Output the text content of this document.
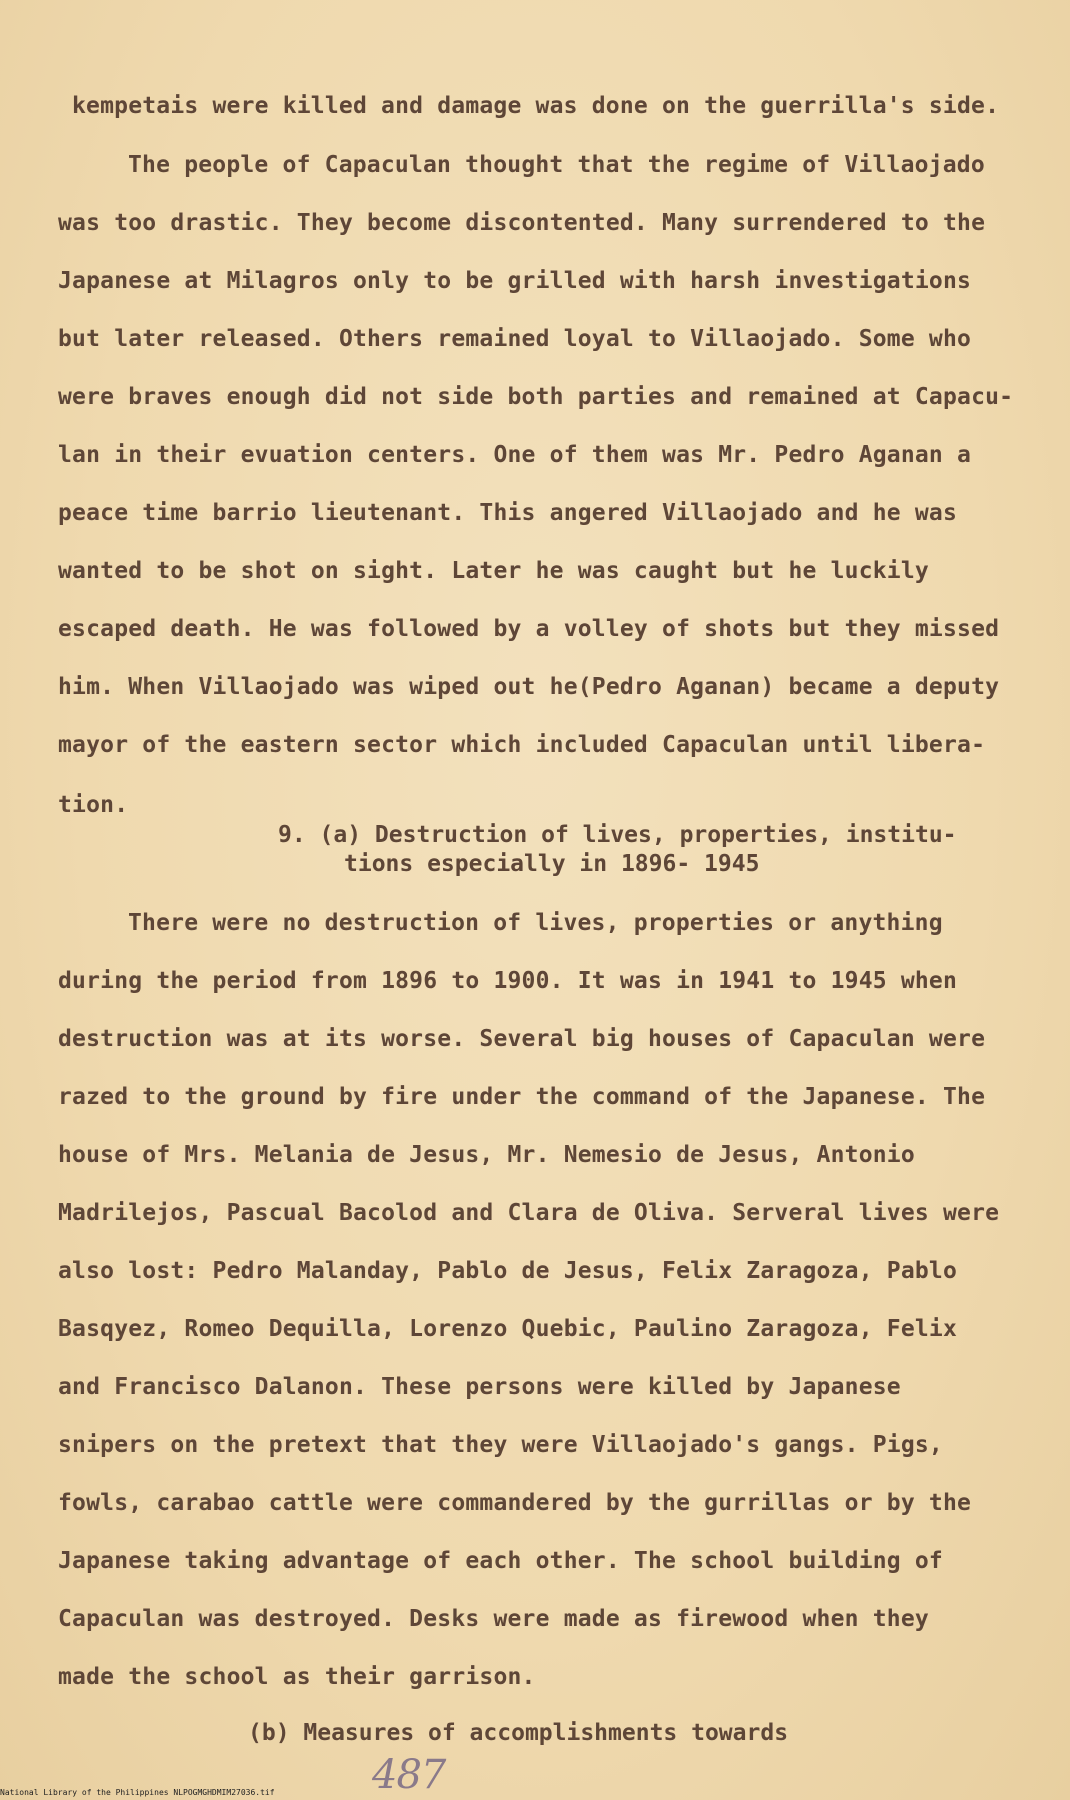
kempetais were killed and damage was done on the guerrilla's side.
The people of Capaculan thought that the regime of Villaojado
was too drastic. They become discontented. Many surrendered to the
Japanese at Milagros only to be grilled with harsh investigations
but later released. Others remained loyal to Villaojado. Some who
were braves enough did not side both parties and remained at Capacu-
lan in their evuation centers. One of them was Mr. Pedro Aganan a
peace time barrio lieutenant. This angered Villaojado and he was
wanted to be shot on sight. Later he was caught but he luckily
escaped death. He was followed by a volley of shots but they missed
him. When Villaojado was wiped out he(Pedro Aganan) became a deputy
mayor of the eastern sector which included Capaculan until libera-
tion.
9. (a) Destruction of lives, properties, institu-
tions especially in 1896- 1945
There were no destruction of lives, properties or anything
during the period from 1896 to 1900. It was in 1941 to 1945 when
destruction was at its worse. Several big houses of Capaculan were
razed to the ground by fire under the command of the Japanese. The
house of Mrs. Melania de Jesus, Mr. Nemesio de Jesus, Antonio
Madrilejos, Pascual Bacolod and Clara de Oliva. Serveral lives were
also lost: Pedro Malanday, Pablo de Jesus, Felix Zaragoza, Pablo
Basqyez, Romeo Dequilla, Lorenzo Quebic, Paulino Zaragoza, Felix
and Francisco Dalanon. These persons were killed by Japanese
snipers on the pretext that they were Villaojado's gangs. Pigs,
fowls, carabao cattle were commandered by the gurrillas or by the
Japanese taking advantage of each other. The school building of
Capaculan was destroyed. Desks were made as firewood when they
made the school as their garrison.
(b) Measures of accomplishments towards
487
National Library of the Philippines NLPOGMGHDMIM27036.tif
